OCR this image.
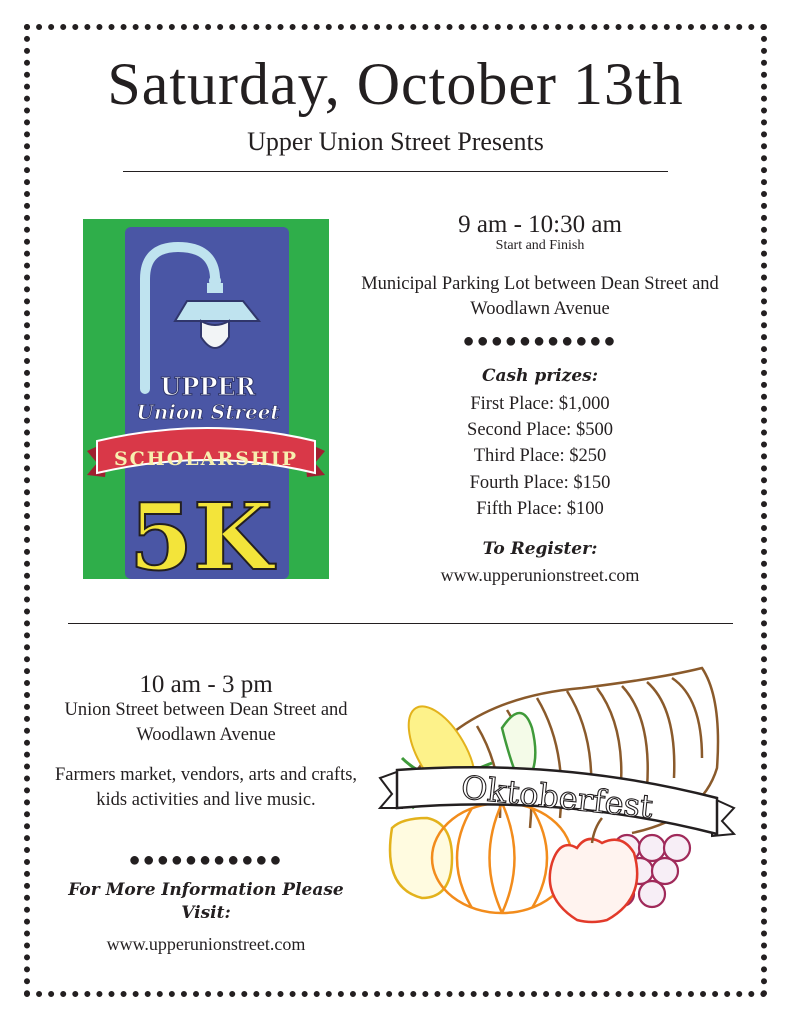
Saturday, October 13th
Upper Union Street Presents
UPPER
Union Street
SCHOLARSHIP
5K
9 am - 10:30 am
Start and Finish
Municipal Parking Lot between Dean Street and Woodlawn Avenue
●●●●●●●●●●●
Cash prizes:
First Place: $1,000
Second Place: $500
Third Place: $250
Fourth Place: $150
Fifth Place: $100
To Register:
www.upperunionstreet.com
10 am - 3 pm
Union Street between Dean Street and Woodlawn Avenue
Farmers market, vendors, arts and crafts, kids activities and live music.
●●●●●●●●●●●
For More Information Please Visit:
www.upperunionstreet.com
Oktoberfest
